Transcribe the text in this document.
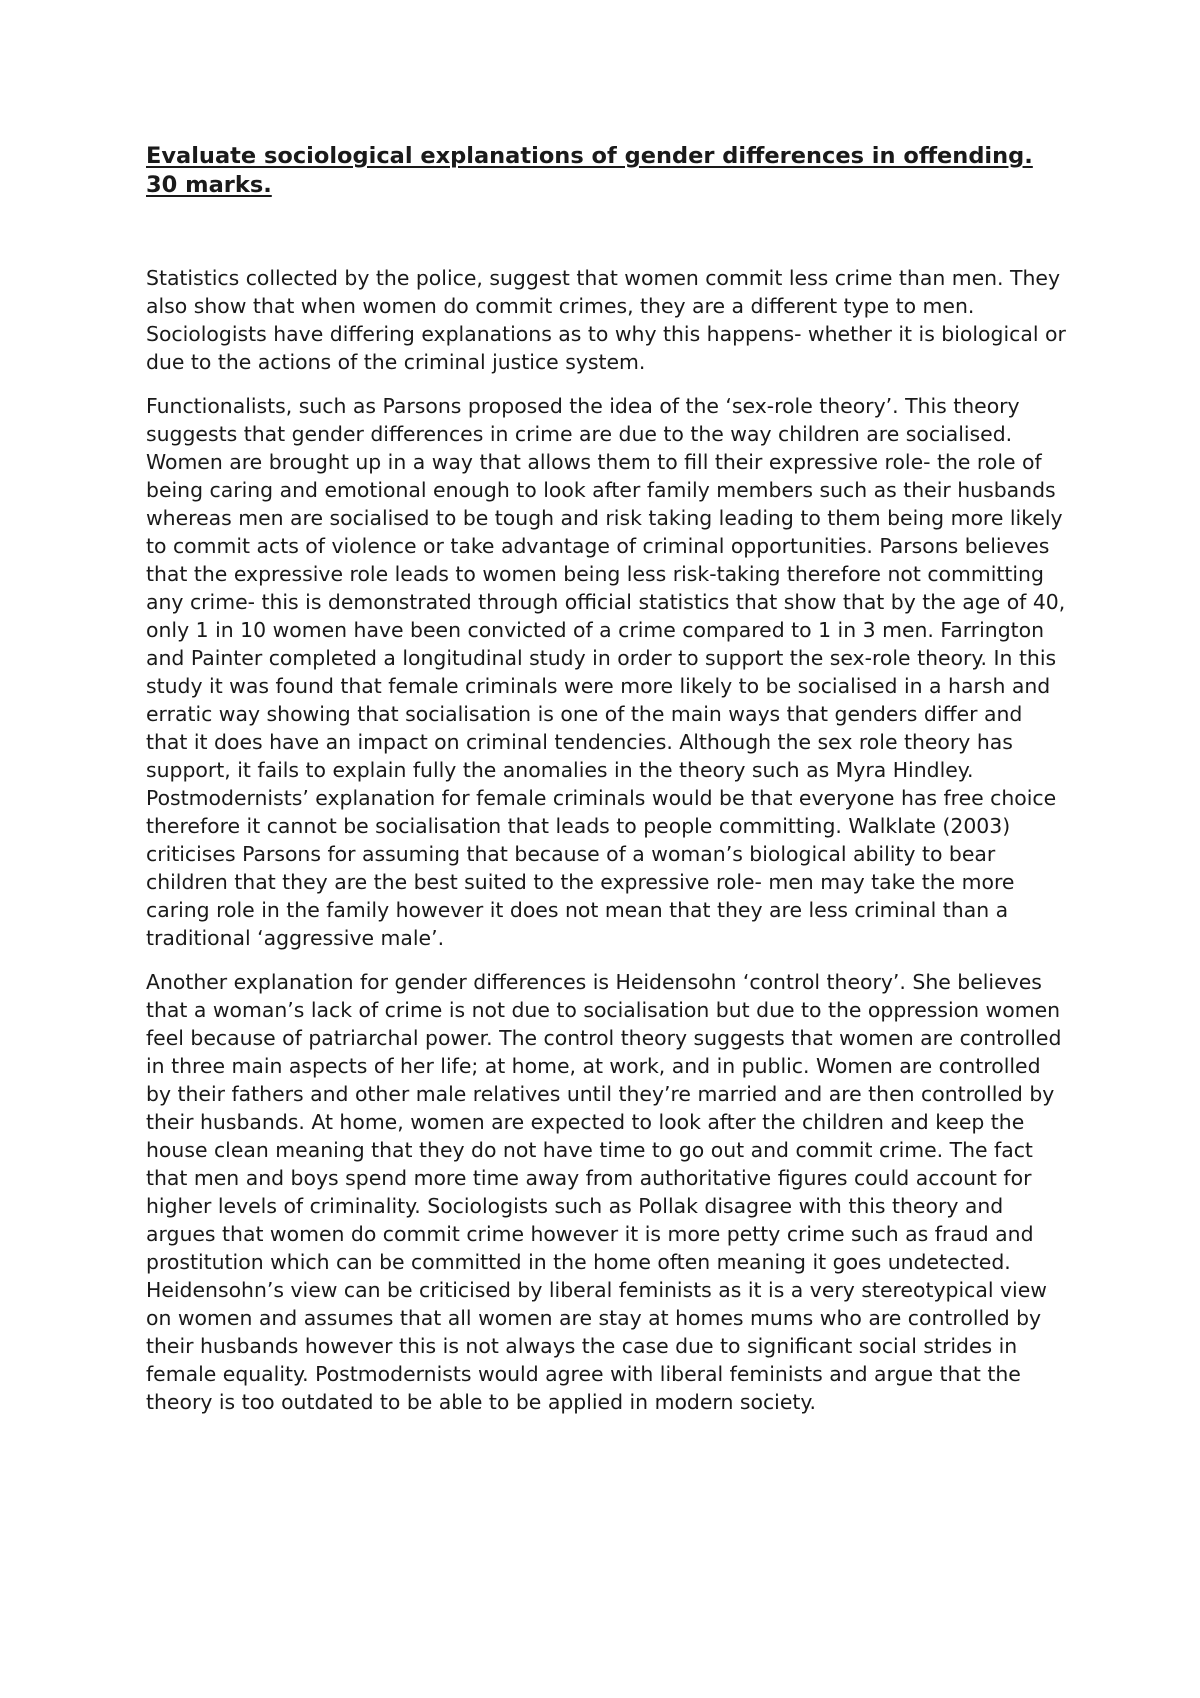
Evaluate sociological explanations of gender differences in offending. 30 marks.

Statistics collected by the police, suggest that women commit less crime than men. They also show that when women do commit crimes, they are a different type to men. Sociologists have differing explanations as to why this happens- whether it is biological or due to the actions of the criminal justice system.

Functionalists, such as Parsons proposed the idea of the ‘sex-role theory’. This theory suggests that gender differences in crime are due to the way children are socialised. Women are brought up in a way that allows them to fill their expressive role- the role of being caring and emotional enough to look after family members such as their husbands whereas men are socialised to be tough and risk taking leading to them being more likely to commit acts of violence or take advantage of criminal opportunities. Parsons believes that the expressive role leads to women being less risk-taking therefore not committing any crime- this is demonstrated through official statistics that show that by the age of 40, only 1 in 10 women have been convicted of a crime compared to 1 in 3 men. Farrington and Painter completed a longitudinal study in order to support the sex-role theory. In this study it was found that female criminals were more likely to be socialised in a harsh and erratic way showing that socialisation is one of the main ways that genders differ and that it does have an impact on criminal tendencies. Although the sex role theory has support, it fails to explain fully the anomalies in the theory such as Myra Hindley. Postmodernists’ explanation for female criminals would be that everyone has free choice therefore it cannot be socialisation that leads to people committing. Walklate (2003) criticises Parsons for assuming that because of a woman’s biological ability to bear children that they are the best suited to the expressive role- men may take the more caring role in the family however it does not mean that they are less criminal than a traditional ‘aggressive male’.

Another explanation for gender differences is Heidensohn ‘control theory’. She believes that a woman’s lack of crime is not due to socialisation but due to the oppression women feel because of patriarchal power. The control theory suggests that women are controlled in three main aspects of her life; at home, at work, and in public. Women are controlled by their fathers and other male relatives until they’re married and are then controlled by their husbands. At home, women are expected to look after the children and keep the house clean meaning that they do not have time to go out and commit crime. The fact that men and boys spend more time away from authoritative figures could account for higher levels of criminality. Sociologists such as Pollak disagree with this theory and argues that women do commit crime however it is more petty crime such as fraud and prostitution which can be committed in the home often meaning it goes undetected. Heidensohn’s view can be criticised by liberal feminists as it is a very stereotypical view on women and assumes that all women are stay at homes mums who are controlled by their husbands however this is not always the case due to significant social strides in female equality. Postmodernists would agree with liberal feminists and argue that the theory is too outdated to be able to be applied in modern society.
